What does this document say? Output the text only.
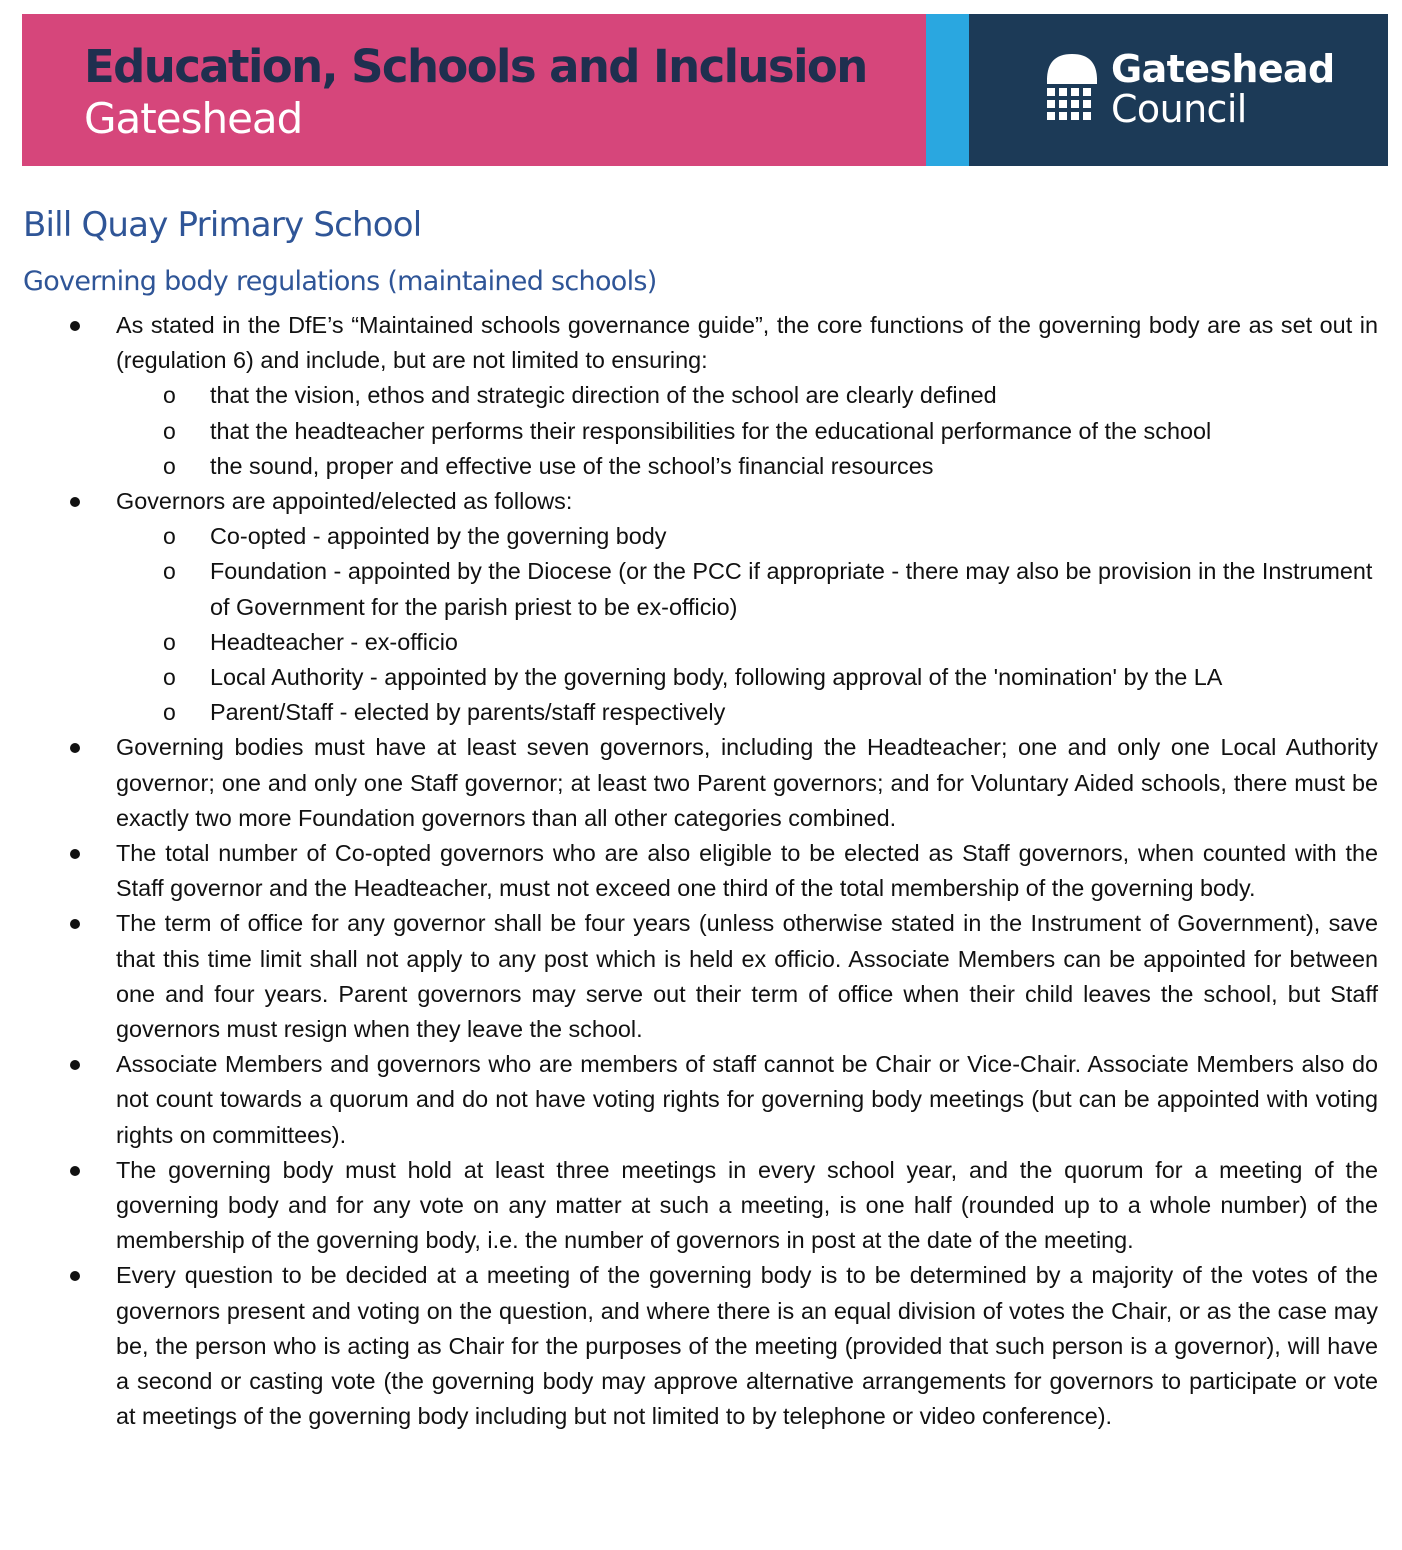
Education, Schools and Inclusion
Gateshead
Gateshead
Council
Bill Quay Primary School
Governing body regulations (maintained schools)
As stated in the DfE’s “Maintained schools governance guide”, the core functions of the governing body are as set out in (regulation 6) and include, but are not limited to ensuring:
o that the vision, ethos and strategic direction of the school are clearly defined
o that the headteacher performs their responsibilities for the educational performance of the school
o the sound, proper and effective use of the school’s financial resources
Governors are appointed/elected as follows:
o Co-opted - appointed by the governing body
o Foundation - appointed by the Diocese (or the PCC if appropriate - there may also be provision in the Instrument of Government for the parish priest to be ex-officio)
o Headteacher - ex-officio
o Local Authority - appointed by the governing body, following approval of the 'nomination' by the LA
o Parent/Staff - elected by parents/staff respectively
Governing bodies must have at least seven governors, including the Headteacher; one and only one Local Authority governor; one and only one Staff governor; at least two Parent governors; and for Voluntary Aided schools, there must be exactly two more Foundation governors than all other categories combined.
The total number of Co-opted governors who are also eligible to be elected as Staff governors, when counted with the Staff governor and the Headteacher, must not exceed one third of the total membership of the governing body.
The term of office for any governor shall be four years (unless otherwise stated in the Instrument of Government), save that this time limit shall not apply to any post which is held ex officio. Associate Members can be appointed for between one and four years. Parent governors may serve out their term of office when their child leaves the school, but Staff governors must resign when they leave the school.
Associate Members and governors who are members of staff cannot be Chair or Vice-Chair. Associate Members also do not count towards a quorum and do not have voting rights for governing body meetings (but can be appointed with voting rights on committees).
The governing body must hold at least three meetings in every school year, and the quorum for a meeting of the governing body and for any vote on any matter at such a meeting, is one half (rounded up to a whole number) of the membership of the governing body, i.e. the number of governors in post at the date of the meeting.
Every question to be decided at a meeting of the governing body is to be determined by a majority of the votes of the governors present and voting on the question, and where there is an equal division of votes the Chair, or as the case may be, the person who is acting as Chair for the purposes of the meeting (provided that such person is a governor), will have a second or casting vote (the governing body may approve alternative arrangements for governors to participate or vote at meetings of the governing body including but not limited to by telephone or video conference).
